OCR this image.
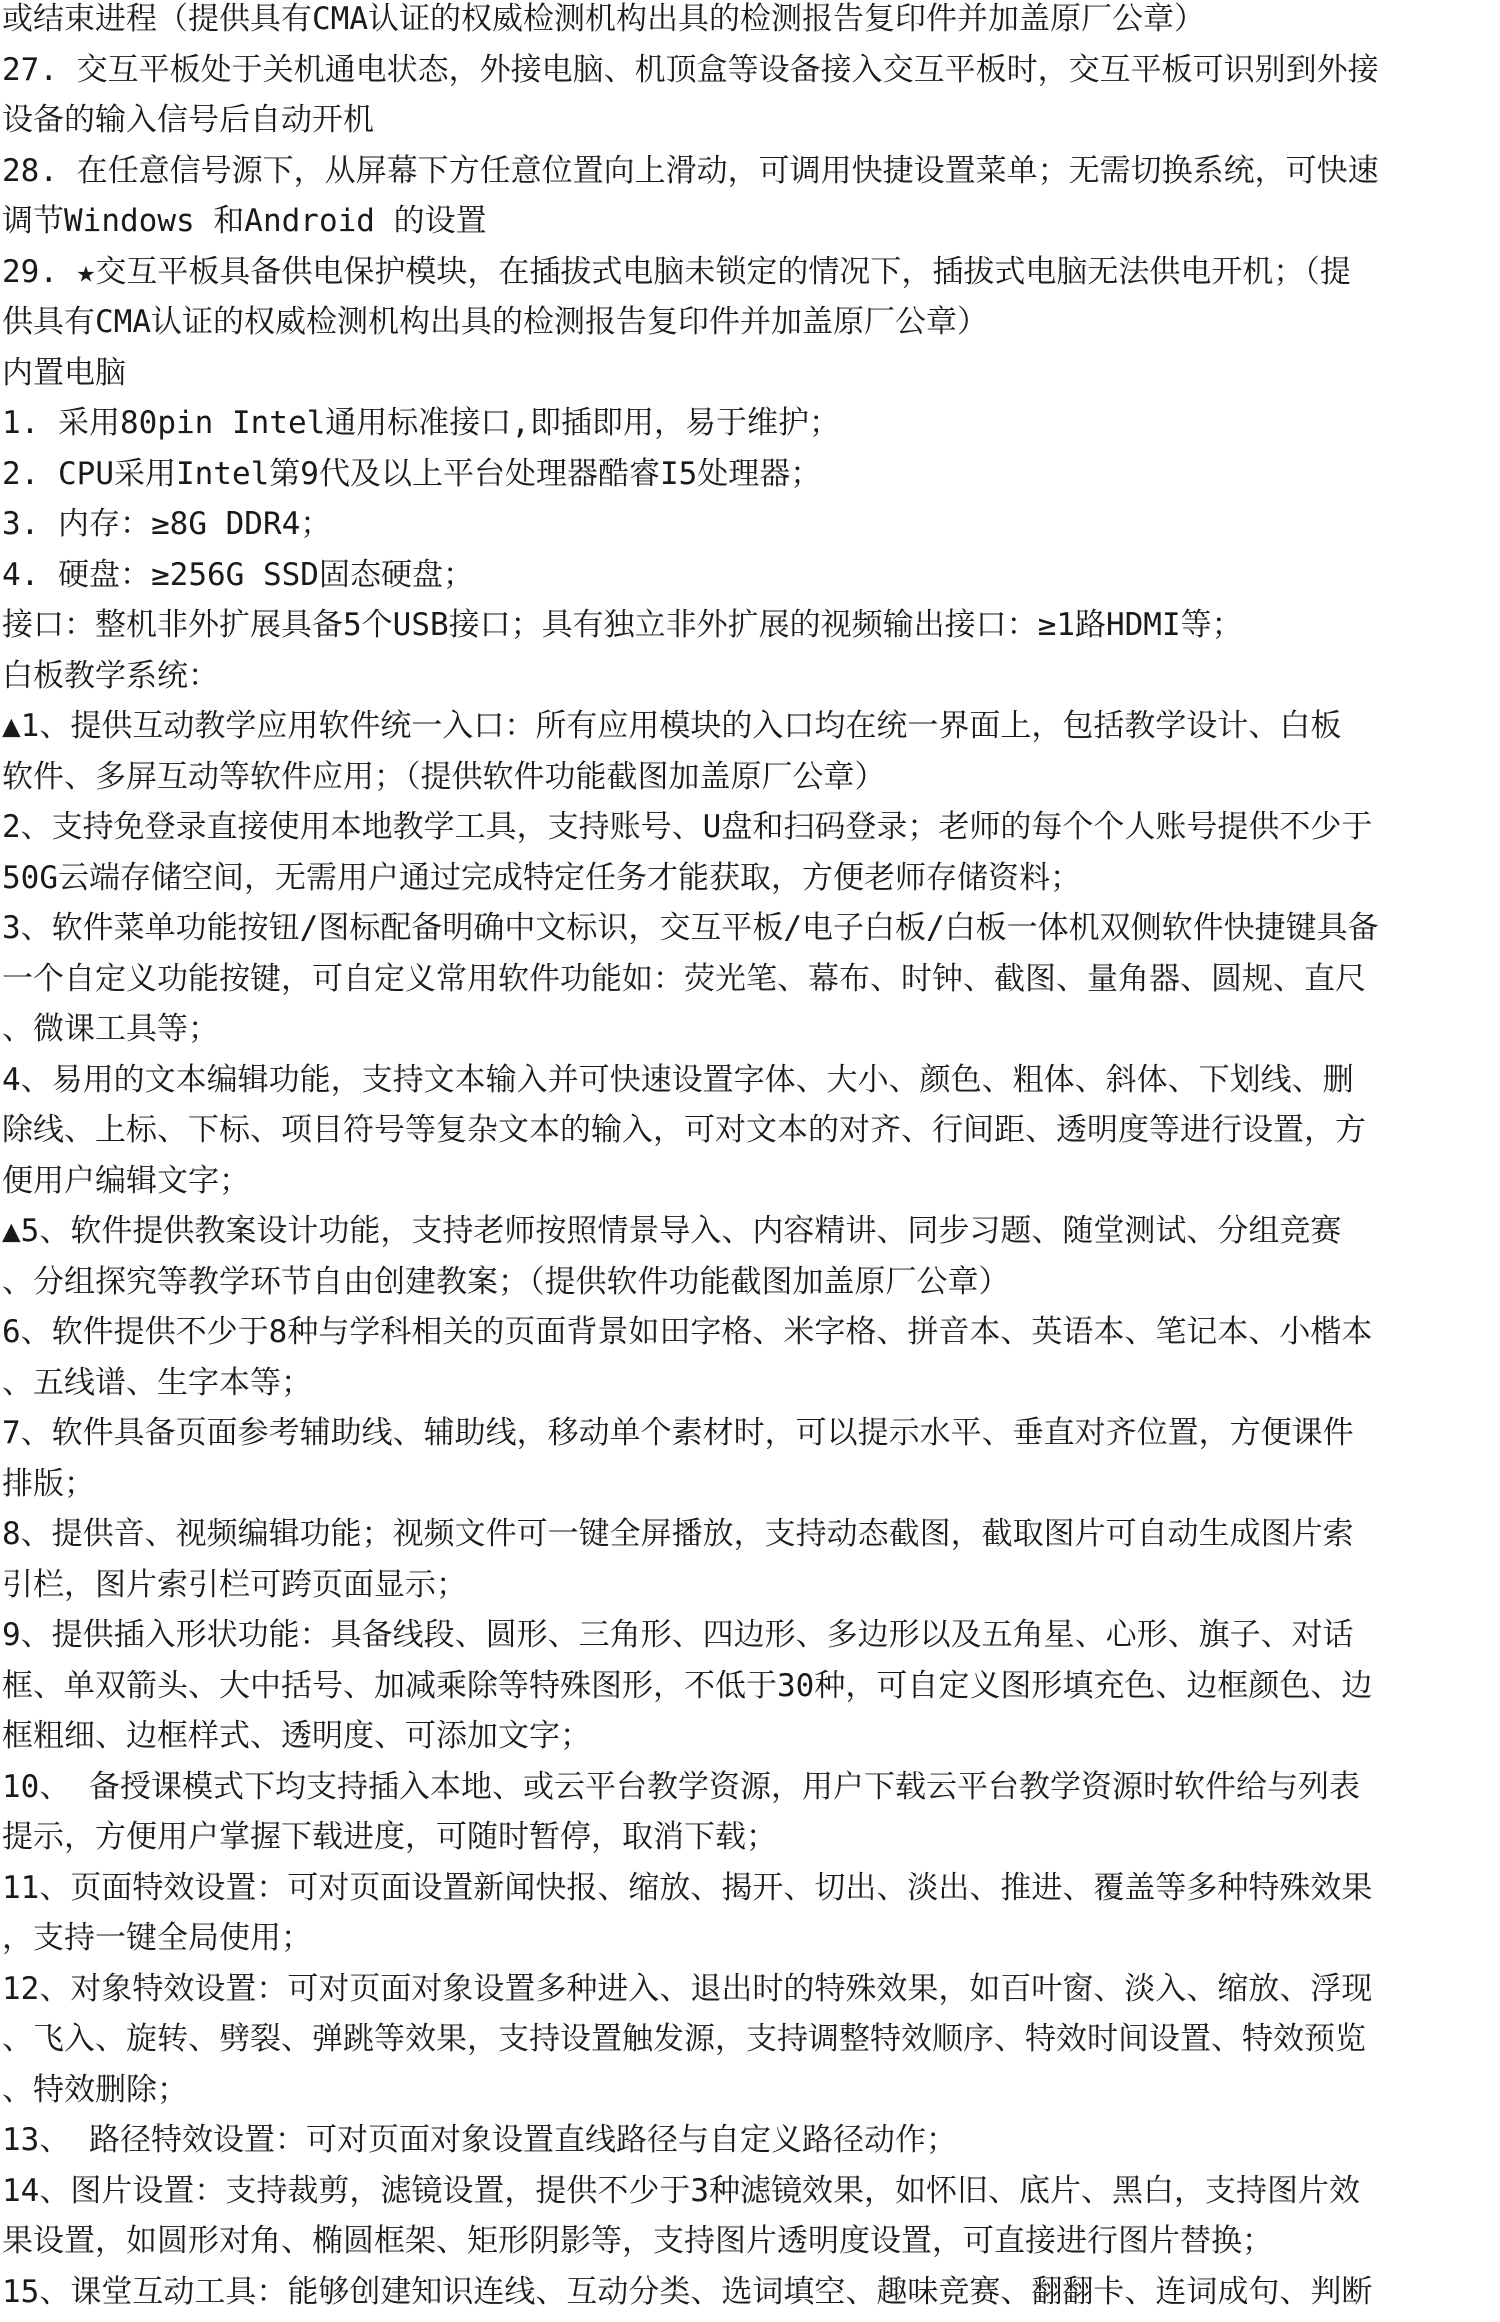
或结束进程（提供具有CMA认证的权威检测机构出具的检测报告复印件并加盖原厂公章）
27. 交互平板处于关机通电状态，外接电脑、机顶盒等设备接入交互平板时，交互平板可识别到外接
设备的输入信号后自动开机
28. 在任意信号源下，从屏幕下方任意位置向上滑动，可调用快捷设置菜单；无需切换系统，可快速
调节Windows 和Android 的设置
29. ★交互平板具备供电保护模块，在插拔式电脑未锁定的情况下，插拔式电脑无法供电开机；（提
供具有CMA认证的权威检测机构出具的检测报告复印件并加盖原厂公章）
内置电脑
1. 采用80pin Intel通用标准接口,即插即用，易于维护；
2. CPU采用Intel第9代及以上平台处理器酷睿I5处理器；
3. 内存：≥8G DDR4；
4. 硬盘：≥256G SSD固态硬盘；
接口：整机非外扩展具备5个USB接口；具有独立非外扩展的视频输出接口：≥1路HDMI等；
白板教学系统：
▲1、提供互动教学应用软件统一入口：所有应用模块的入口均在统一界面上，包括教学设计、白板
软件、多屏互动等软件应用；（提供软件功能截图加盖原厂公章）
2、支持免登录直接使用本地教学工具，支持账号、U盘和扫码登录；老师的每个个人账号提供不少于
50G云端存储空间，无需用户通过完成特定任务才能获取，方便老师存储资料；
3、软件菜单功能按钮/图标配备明确中文标识，交互平板/电子白板/白板一体机双侧软件快捷键具备
一个自定义功能按键，可自定义常用软件功能如：荧光笔、幕布、时钟、截图、量角器、圆规、直尺
、微课工具等；
4、易用的文本编辑功能，支持文本输入并可快速设置字体、大小、颜色、粗体、斜体、下划线、删
除线、上标、下标、项目符号等复杂文本的输入，可对文本的对齐、行间距、透明度等进行设置，方
便用户编辑文字；
▲5、软件提供教案设计功能，支持老师按照情景导入、内容精讲、同步习题、随堂测试、分组竞赛
、分组探究等教学环节自由创建教案；（提供软件功能截图加盖原厂公章）
6、软件提供不少于8种与学科相关的页面背景如田字格、米字格、拼音本、英语本、笔记本、小楷本
、五线谱、生字本等；
7、软件具备页面参考辅助线、辅助线，移动单个素材时，可以提示水平、垂直对齐位置，方便课件
排版；
8、提供音、视频编辑功能；视频文件可一键全屏播放，支持动态截图，截取图片可自动生成图片索
引栏，图片索引栏可跨页面显示；
9、提供插入形状功能：具备线段、圆形、三角形、四边形、多边形以及五角星、心形、旗子、对话
框、单双箭头、大中括号、加减乘除等特殊图形，不低于30种，可自定义图形填充色、边框颜色、边
框粗细、边框样式、透明度、可添加文字；
10、 备授课模式下均支持插入本地、或云平台教学资源，用户下载云平台教学资源时软件给与列表
提示，方便用户掌握下载进度，可随时暂停，取消下载；
11、页面特效设置：可对页面设置新闻快报、缩放、揭开、切出、淡出、推进、覆盖等多种特殊效果
，支持一键全局使用；
12、对象特效设置：可对页面对象设置多种进入、退出时的特殊效果，如百叶窗、淡入、缩放、浮现
、飞入、旋转、劈裂、弹跳等效果，支持设置触发源，支持调整特效顺序、特效时间设置、特效预览
、特效删除；
13、 路径特效设置：可对页面对象设置直线路径与自定义路径动作；
14、图片设置：支持裁剪，滤镜设置，提供不少于3种滤镜效果，如怀旧、底片、黑白，支持图片效
果设置，如圆形对角、椭圆框架、矩形阴影等，支持图片透明度设置，可直接进行图片替换；
15、课堂互动工具：能够创建知识连线、互动分类、选词填空、趣味竞赛、翻翻卡、连词成句、判断
